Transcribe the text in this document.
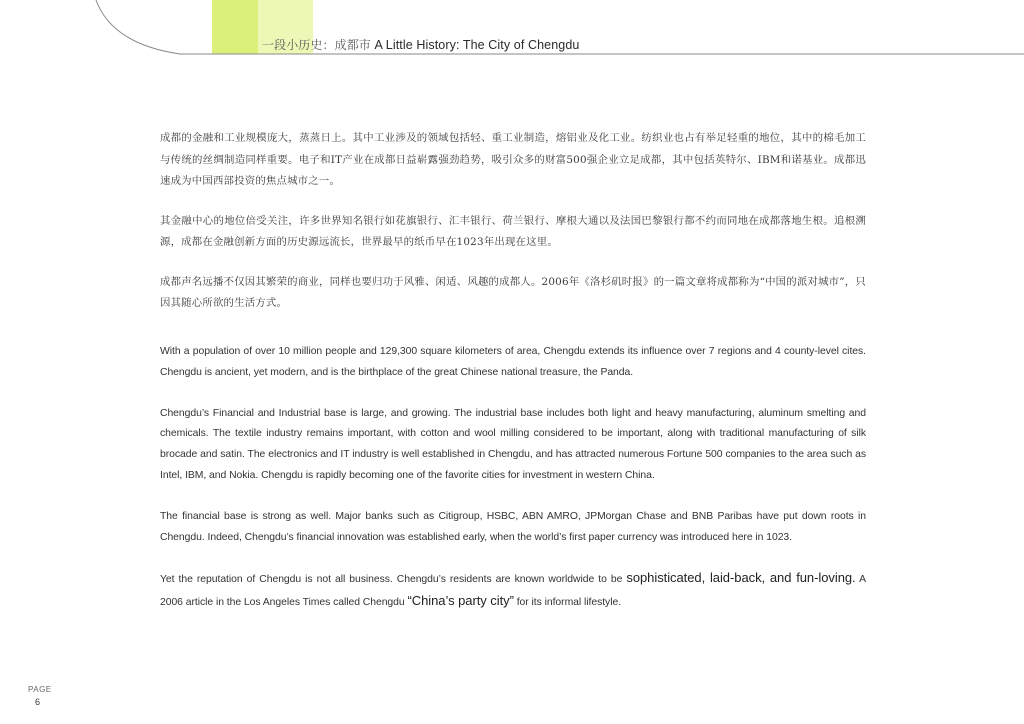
一段小历史：成都市 A Little History: The City of Chengdu

成都的金融和工业规模庞大，蒸蒸日上。其中工业涉及的领域包括轻、重工业制造，熔铝业及化工业。纺织业也占有举足轻重的地位，其中的棉毛加工与传统的丝绸制造同样重要。电子和IT产业在成都日益崭露强劲趋势，吸引众多的财富500强企业立足成都，其中包括英特尔、IBM和诺基业。成都迅速成为中国西部投资的焦点城市之一。

其金融中心的地位倍受关注，许多世界知名银行如花旗银行、汇丰银行、荷兰银行、摩根大通以及法国巴黎银行都不约而同地在成都落地生根。追根溯源，成都在金融创新方面的历史源远流长，世界最早的纸币早在1023年出现在这里。

成都声名远播不仅因其繁荣的商业，同样也要归功于风雅、闲适、风趣的成都人。2006年《洛杉矶时报》的一篇文章将成都称为“中国的派对城市”，只因其随心所欲的生活方式。

With a population of over 10 million people and 129,300 square kilometers of area, Chengdu extends its influence over 7 regions and 4 county-level cites. Chengdu is ancient, yet modern, and is the birthplace of the great Chinese national treasure, the Panda.

Chengdu’s Financial and Industrial base is large, and growing. The industrial base includes both light and heavy manufacturing, aluminum smelting and chemicals. The textile industry remains important, with cotton and wool milling considered to be important, along with traditional manufacturing of silk brocade and satin. The electronics and IT industry is well established in Chengdu, and has attracted numerous Fortune 500 companies to the area such as Intel, IBM, and Nokia. Chengdu is rapidly becoming one of the favorite cities for investment in western China.

The financial base is strong as well. Major banks such as Citigroup, HSBC, ABN AMRO, JPMorgan Chase and BNB Paribas have put down roots in Chengdu. Indeed, Chengdu’s financial innovation was established early, when the world’s first paper currency was introduced here in 1023.

Yet the reputation of Chengdu is not all business. Chengdu’s residents are known worldwide to be sophisticated, laid-back, and fun-loving. A 2006 article in the Los Angeles Times called Chengdu “China’s party city” for its informal lifestyle.

PAGE
6
